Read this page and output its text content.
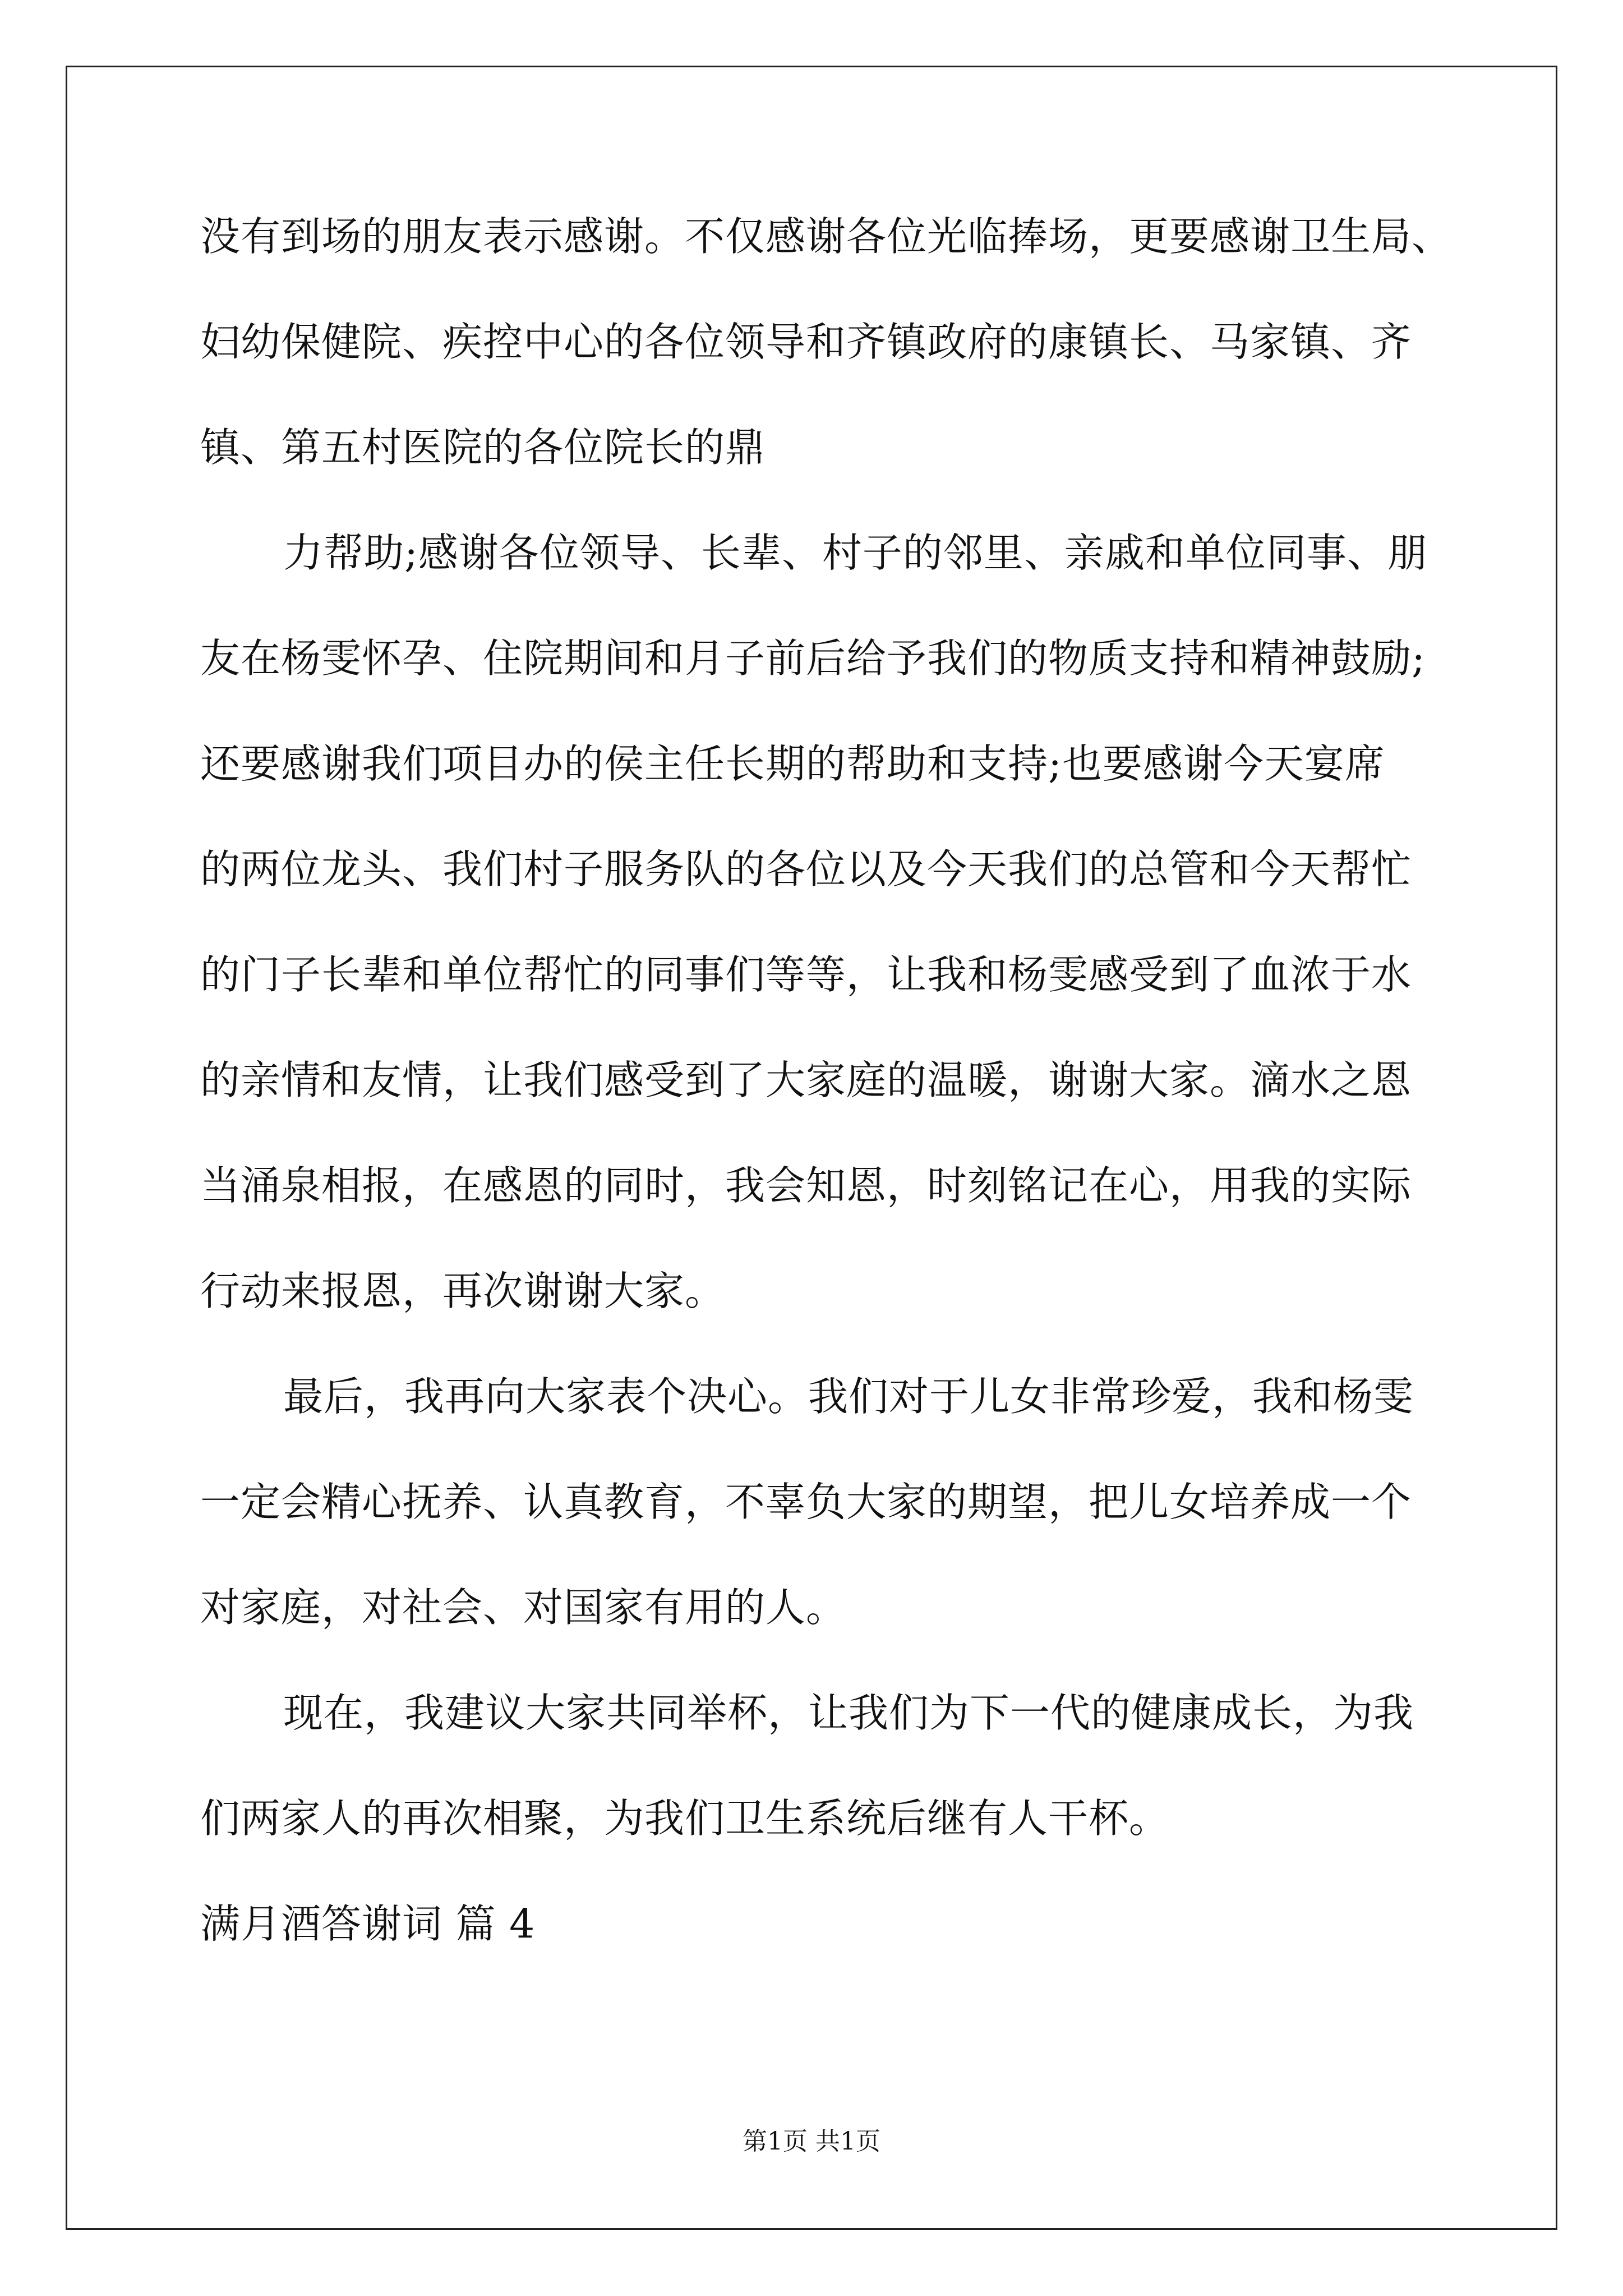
没有到场的朋友表示感谢。不仅感谢各位光临捧场，更要感谢卫生局、
妇幼保健院、疾控中心的各位领导和齐镇政府的康镇长、马家镇、齐
镇、第五村医院的各位院长的鼎
力帮助;感谢各位领导、长辈、村子的邻里、亲戚和单位同事、朋
友在杨雯怀孕、住院期间和月子前后给予我们的物质支持和精神鼓励;
还要感谢我们项目办的侯主任长期的帮助和支持;也要感谢今天宴席
的两位龙头、我们村子服务队的各位以及今天我们的总管和今天帮忙
的门子长辈和单位帮忙的同事们等等，让我和杨雯感受到了血浓于水
的亲情和友情，让我们感受到了大家庭的温暖，谢谢大家。滴水之恩
当涌泉相报，在感恩的同时，我会知恩，时刻铭记在心，用我的实际
行动来报恩，再次谢谢大家。
最后，我再向大家表个决心。我们对于儿女非常珍爱，我和杨雯
一定会精心抚养、认真教育，不辜负大家的期望，把儿女培养成一个
对家庭，对社会、对国家有用的人。
现在，我建议大家共同举杯，让我们为下一代的健康成长，为我
们两家人的再次相聚，为我们卫生系统后继有人干杯。
满月酒答谢词 篇 4
第1页 共1页
